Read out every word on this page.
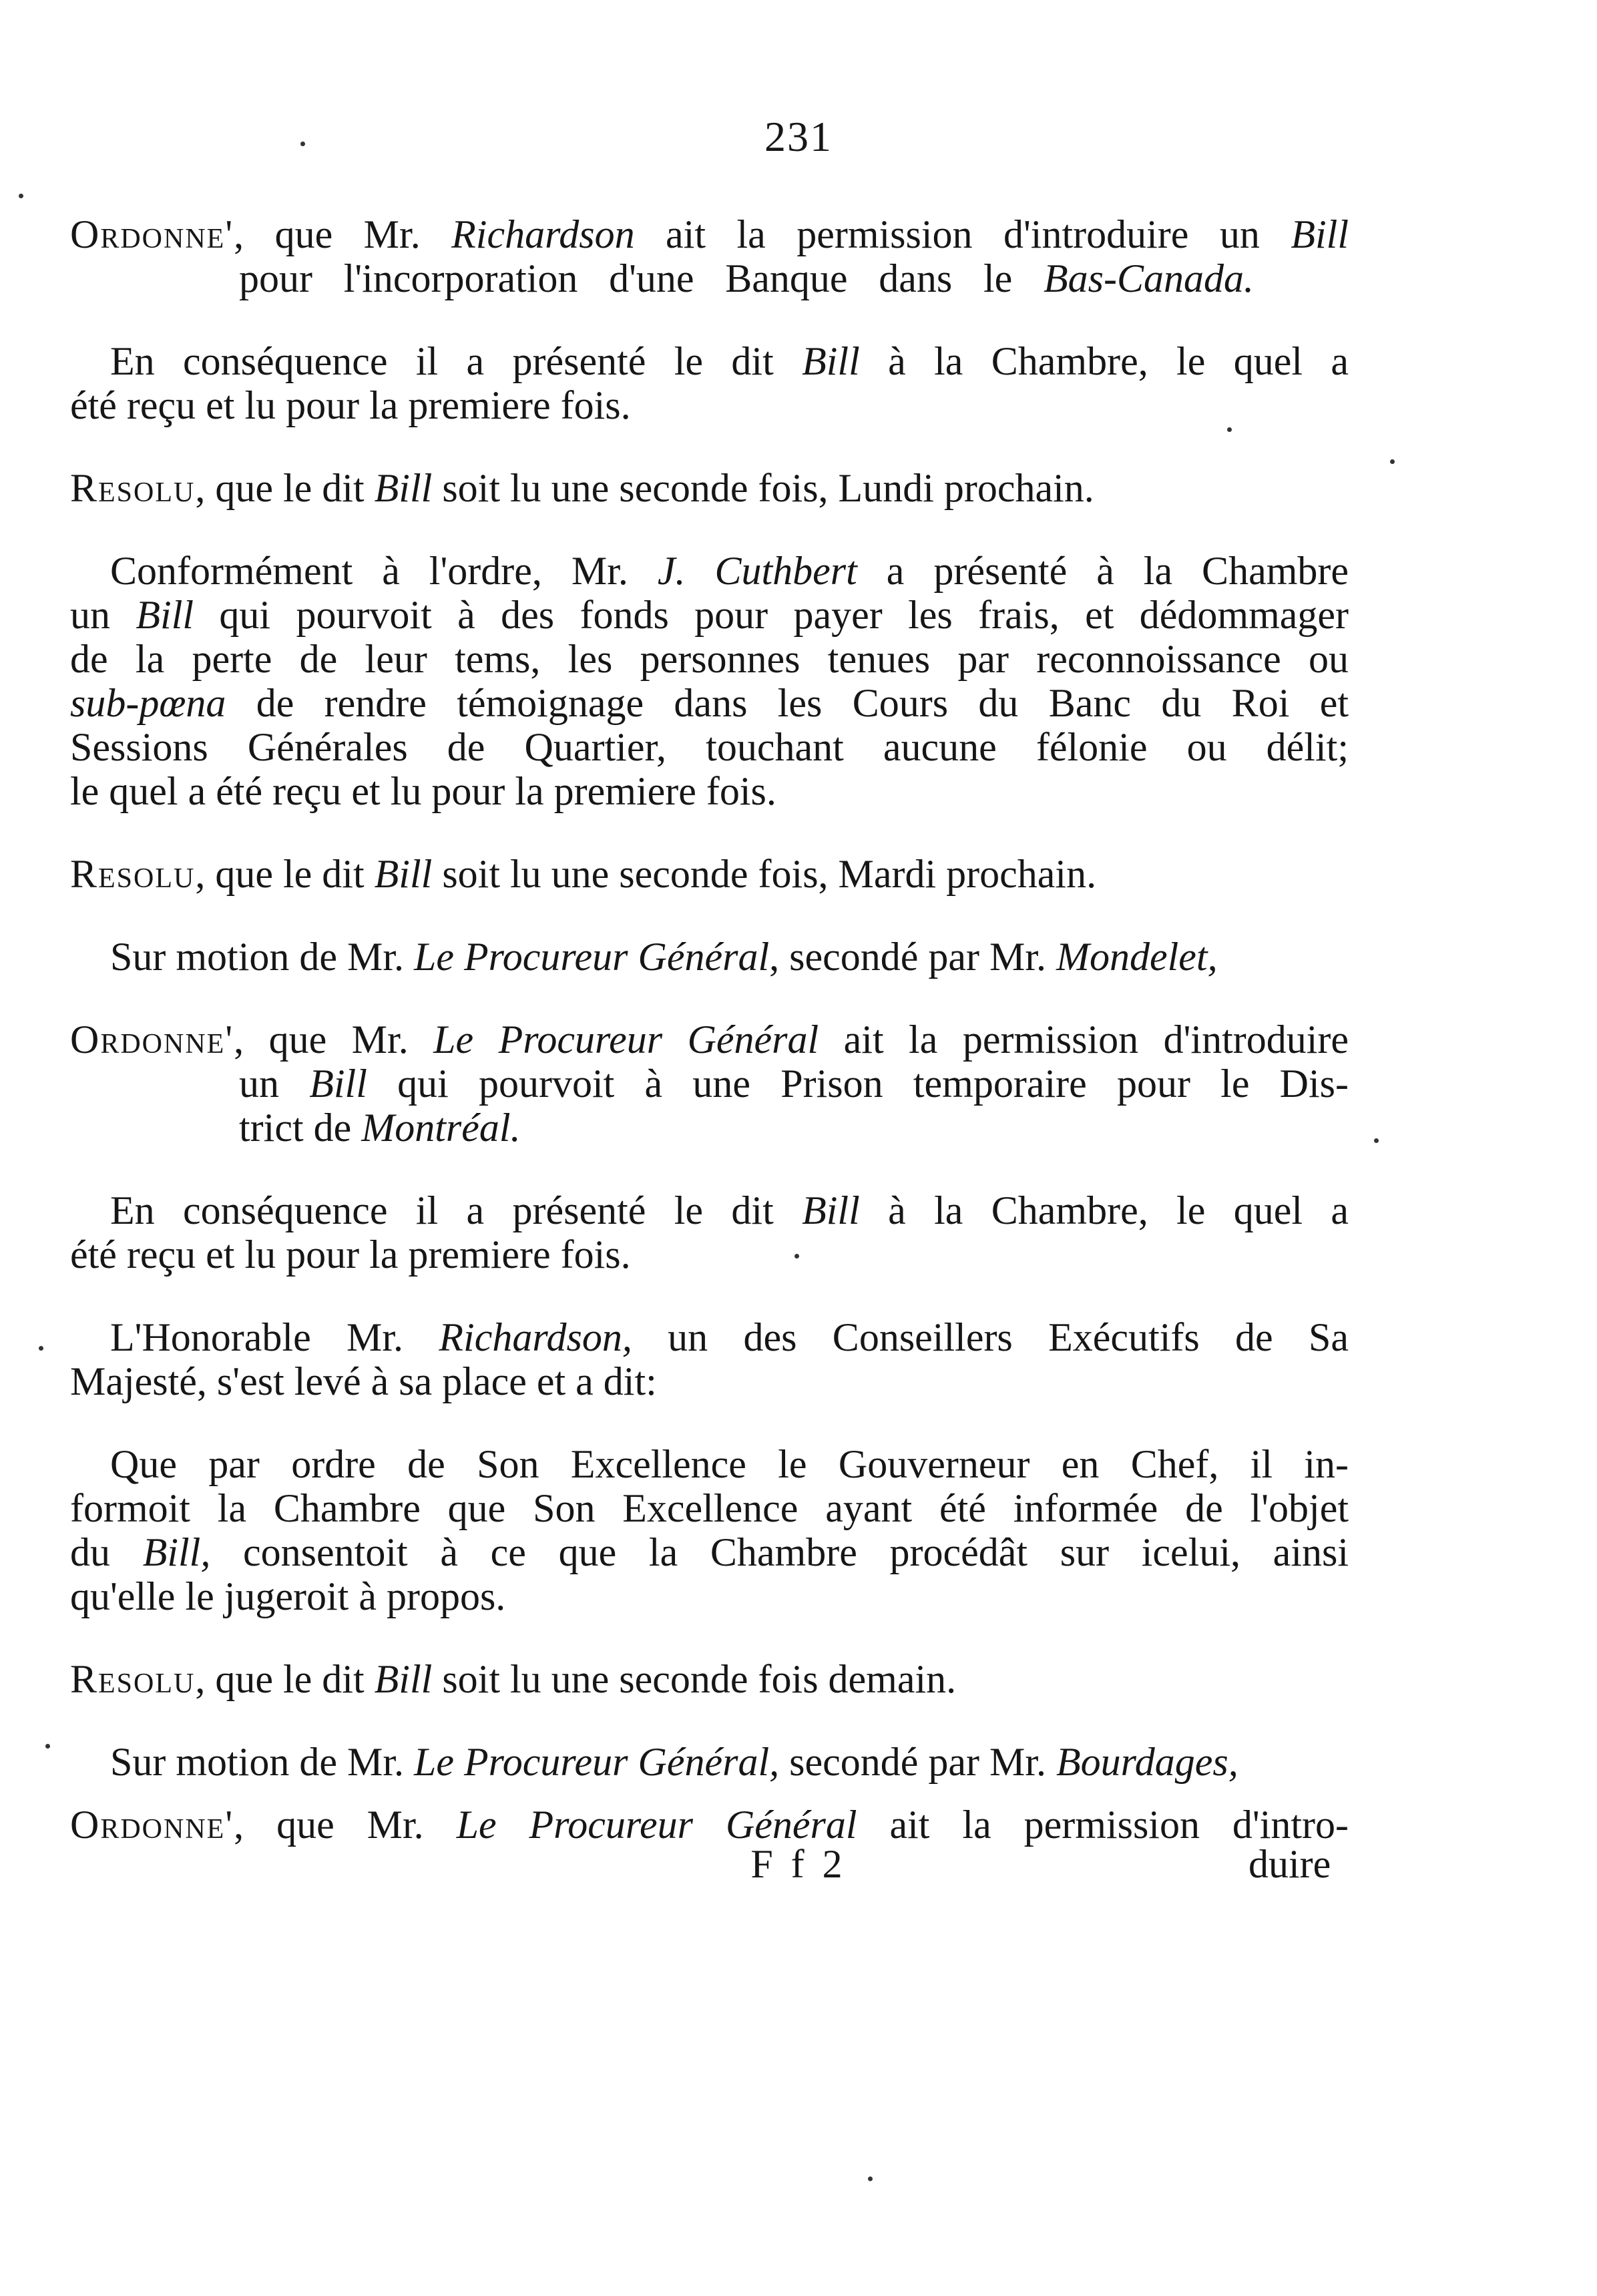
231
Ordonne', que Mr. Richardson ait la permission d'introduire un Bill
pour l'incorporation d'une Banque dans le Bas-Canada.
En conséquence il a présenté le dit Bill à la Chambre, le quel a
été reçu et lu pour la premiere fois.
Resolu, que le dit Bill soit lu une seconde fois, Lundi prochain.
Conformément à l'ordre, Mr. J. Cuthbert a présenté à la Chambre
un Bill qui pourvoit à des fonds pour payer les frais, et dédommager
de la perte de leur tems, les personnes tenues par reconnoissance ou
sub-pœna de rendre témoignage dans les Cours du Banc du Roi et
Sessions Générales de Quartier, touchant aucune félonie ou délit;
le quel a été reçu et lu pour la premiere fois.
Resolu, que le dit Bill soit lu une seconde fois, Mardi prochain.
Sur motion de Mr. Le Procureur Général, secondé par Mr. Mondelet,
Ordonne', que Mr. Le Procureur Général ait la permission d'introduire
un Bill qui pourvoit à une Prison temporaire pour le Dis-
trict de Montréal.
En conséquence il a présenté le dit Bill à la Chambre, le quel a
été reçu et lu pour la premiere fois.
L'Honorable Mr. Richardson, un des Conseillers Exécutifs de Sa
Majesté, s'est levé à sa place et a dit:
Que par ordre de Son Excellence le Gouverneur en Chef, il in-
formoit la Chambre que Son Excellence ayant été informée de l'objet
du Bill, consentoit à ce que la Chambre procédât sur icelui, ainsi
qu'elle le jugeroit à propos.
Resolu, que le dit Bill soit lu une seconde fois demain.
Sur motion de Mr. Le Procureur Général, secondé par Mr. Bourdages,
Ordonne', que Mr. Le Procureur Général ait la permission d'intro-
F f 2	duire
